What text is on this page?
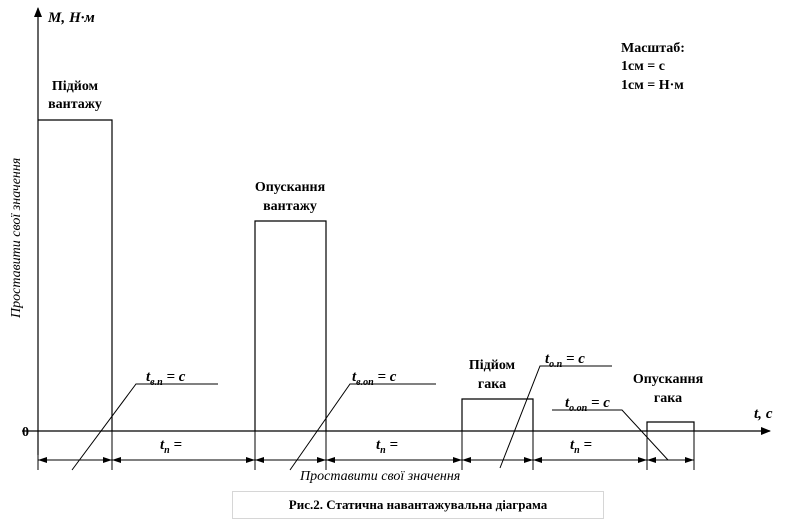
M, Н·м
t, с
0
Масштаб:
1см = с
1см = Н·м
Проставити свої значення
Підйом
вантажу
Опускання
вантажу
Підйом
гака	Опускання
гака
$t_п$ =	$t_п$ =	$t_п$ =
Проставити свої значення
$t_{в.п} = с$	$t_{в.оп} = с$
$t_{о.п} = с$
$t_{о.оп} = с$
Рис.2. Статична навантажувальна діаграма
